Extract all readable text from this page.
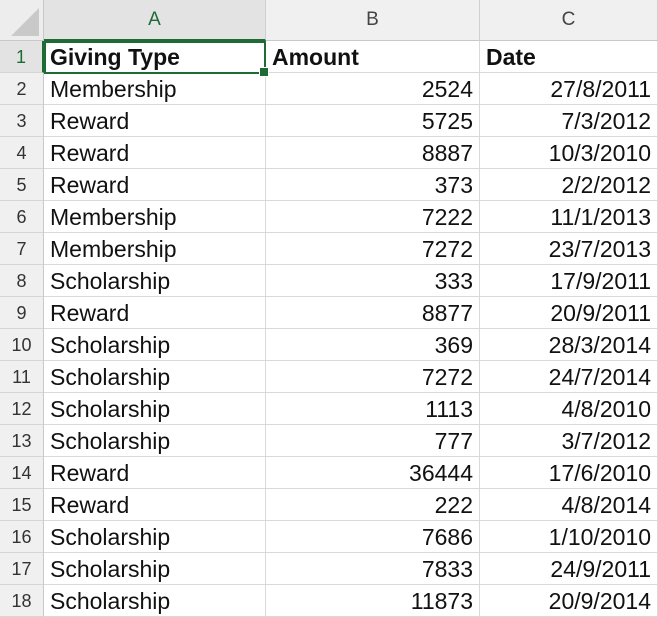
A	B	C
1	Giving Type	Amount	Date
2	Membership	2524	27/8/2011
3	Reward	5725	7/3/2012
4	Reward	8887	10/3/2010
5	Reward	373	2/2/2012
6	Membership	7222	11/1/2013
7	Membership	7272	23/7/2013
8	Scholarship	333	17/9/2011
9	Reward	8877	20/9/2011
10 Scholarship	369	28/3/2014
11 Scholarship	7272	24/7/2014
12 Scholarship	1113	4/8/2010
13 Scholarship	777	3/7/2012
14 Reward	36444	17/6/2010
15 Reward	222	4/8/2014
16 Scholarship	7686	1/10/2010
17 Scholarship	7833	24/9/2011
18 Scholarship	11873	20/9/2014
